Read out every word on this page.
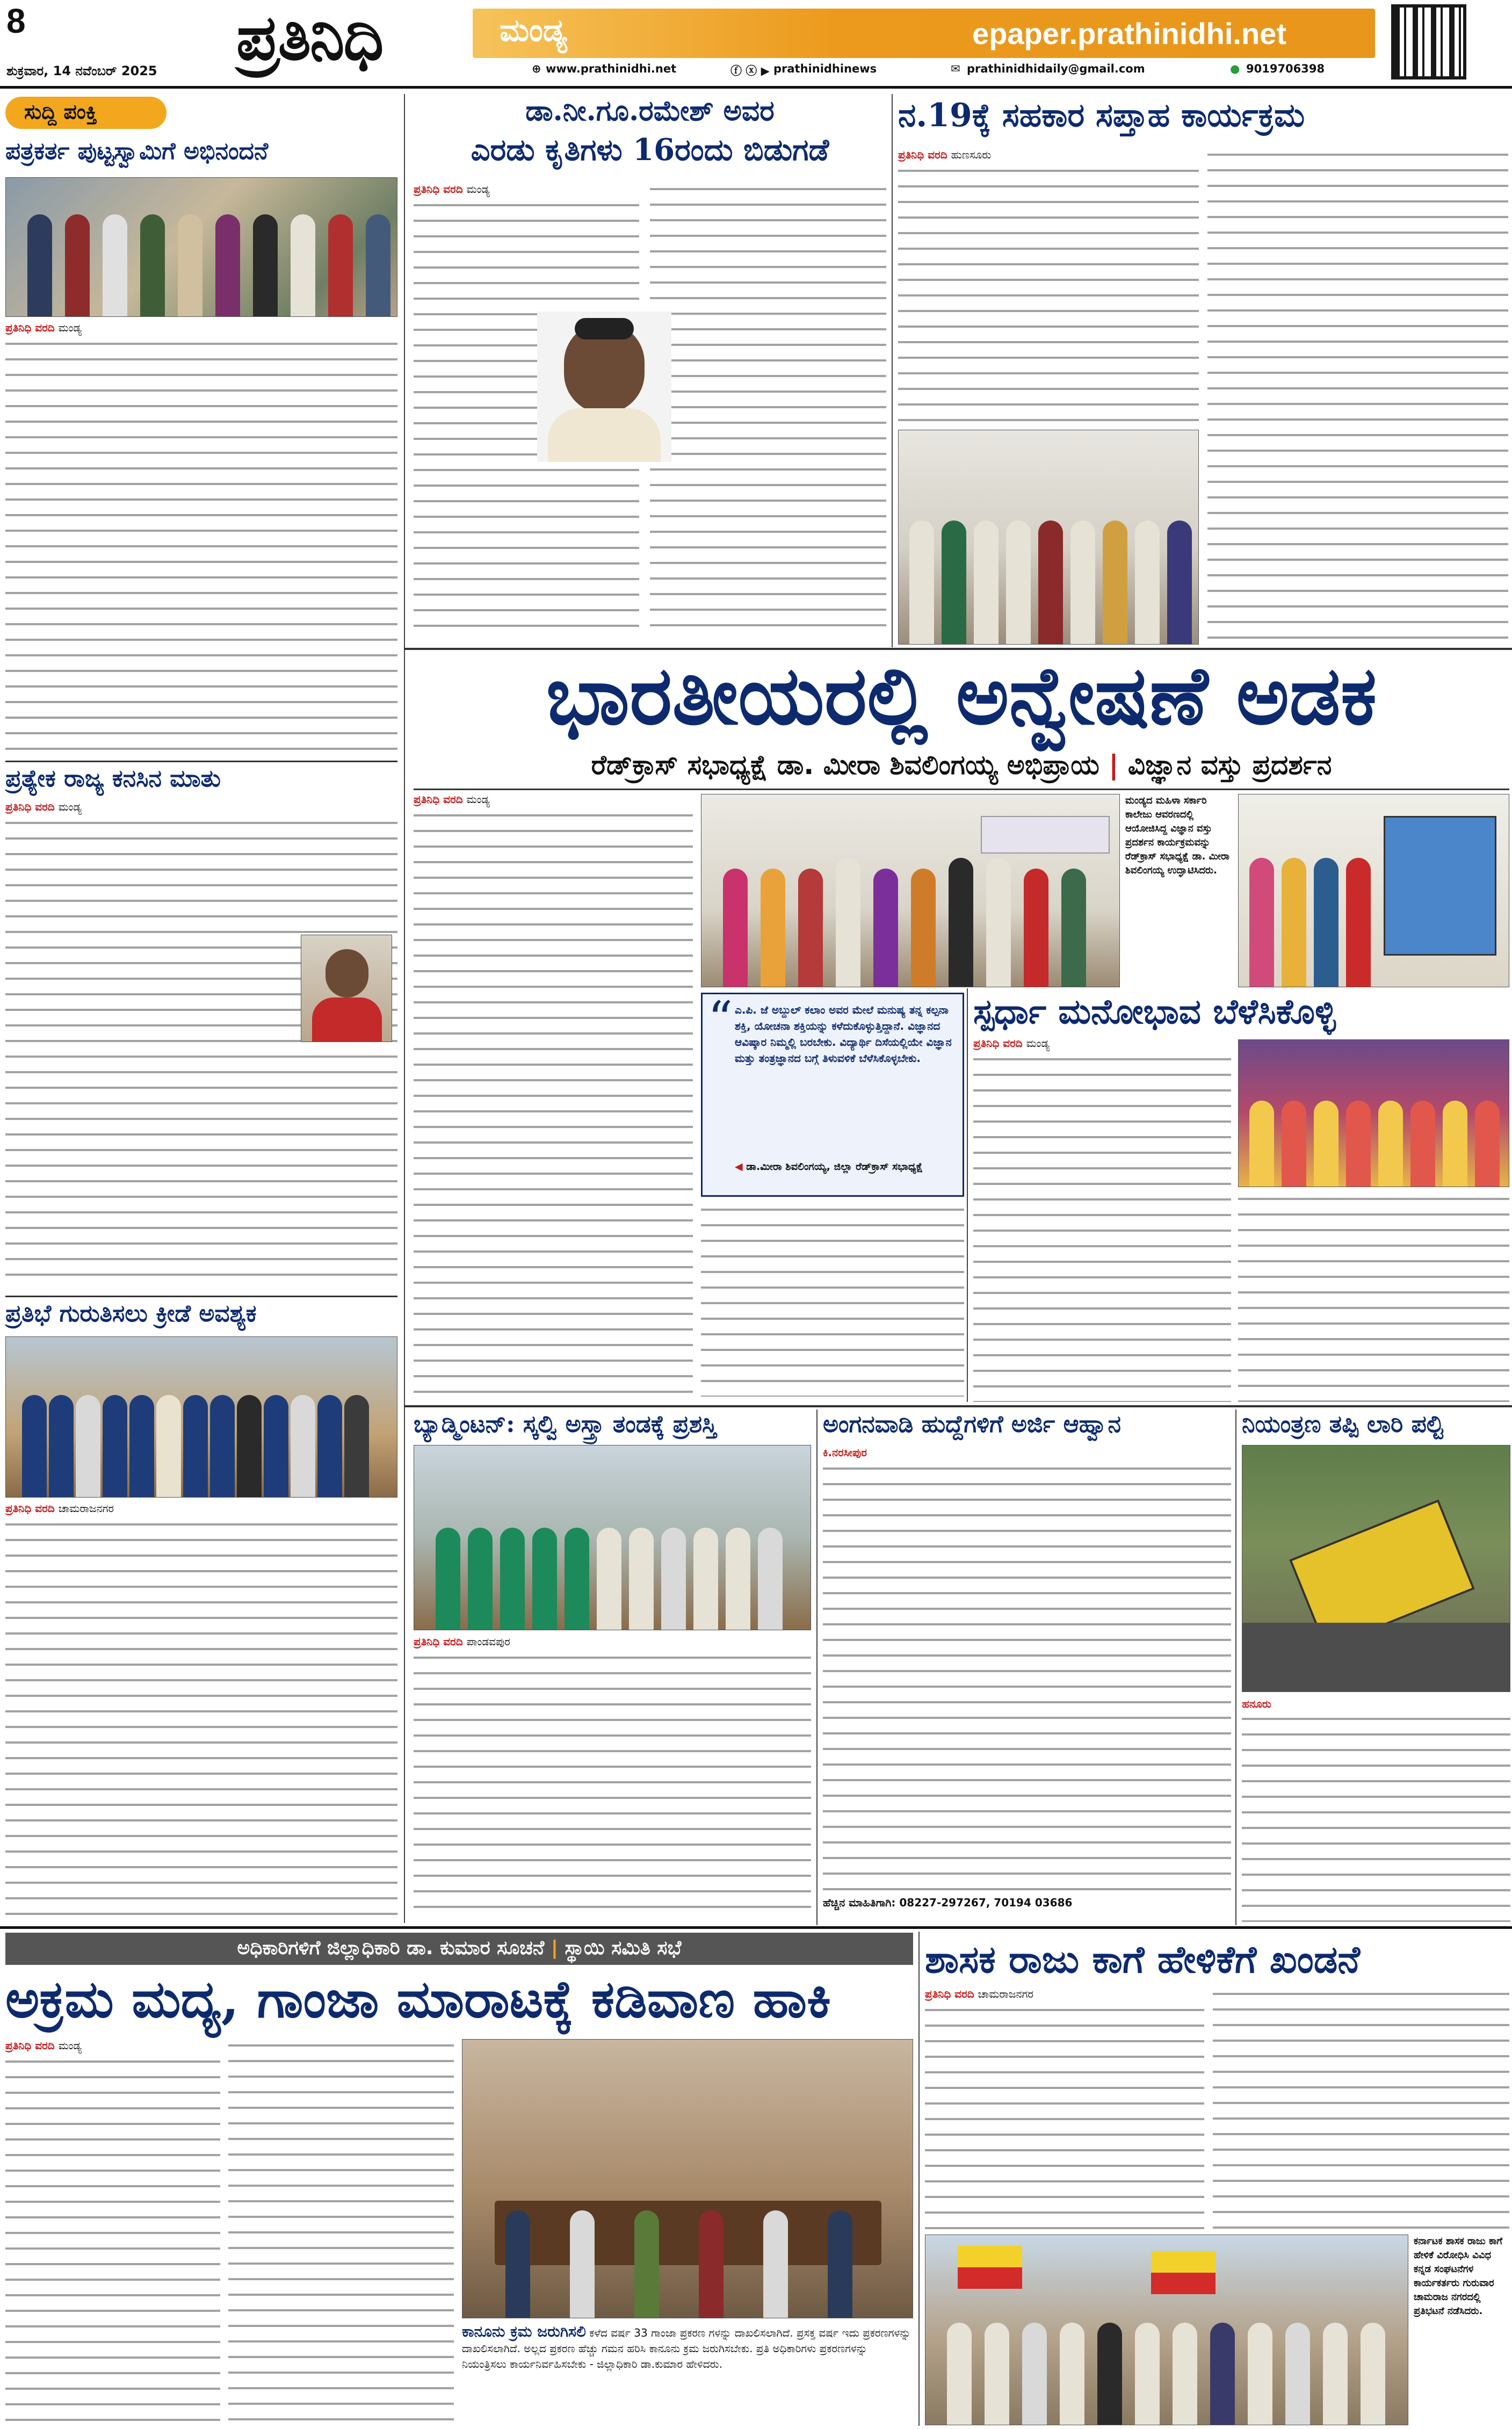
8
ಶುಕ್ರವಾರ, 14 ನವೆಂಬರ್ 2025 ಪ್ರತಿನಿಧಿ	ಮಂಡ್ಯ	epaper.prathinidhi.net
⊕ www.prathinidhi.net	ⓕ ⓧ ▶ prathinidhinews	✉ prathinidhidaily@gmail.com	● 9019706398
ಸುದ್ದಿ ಪಂಕ್ತಿ
ಪತ್ರಕರ್ತ ಪುಟ್ಟಸ್ವಾಮಿಗೆ ಅಭಿನಂದನೆ
ಪ್ರತಿನಿಧಿ ವರದಿ ಮಂಡ್ಯ
ಪ್ರತ್ಯೇಕ ರಾಜ್ಯ ಕನಸಿನ ಮಾತು
ಪ್ರತಿನಿಧಿ ವರದಿ ಮಂಡ್ಯ
ಪ್ರತಿಭೆ ಗುರುತಿಸಲು ಕ್ರೀಡೆ ಅವಶ್ಯಕ
ಪ್ರತಿನಿಧಿ ವರದಿ ಚಾಮರಾಜನಗರ
ಡಾ.ನೀ.ಗೂ.ರಮೇಶ್ ಅವರ
ಎರಡು ಕೃತಿಗಳು 16ರಂದು ಬಿಡುಗಡೆ
ಪ್ರತಿನಿಧಿ ವರದಿ ಮಂಡ್ಯ
ನ.19ಕ್ಕೆ ಸಹಕಾರ ಸಪ್ತಾಹ ಕಾರ್ಯಕ್ರಮ
ಪ್ರತಿನಿಧಿ ವರದಿ ಹುಣಸೂರು
ಭಾರತೀಯರಲ್ಲಿ ಅನ್ವೇಷಣೆ ಅಡಕ
ರೆಡ್‌ಕ್ರಾಸ್ ಸಭಾಧ್ಯಕ್ಷೆ ಡಾ. ಮೀರಾ ಶಿವಲಿಂಗಯ್ಯ ಅಭಿಪ್ರಾಯ | ವಿಜ್ಞಾನ ವಸ್ತು ಪ್ರದರ್ಶನ
ಪ್ರತಿನಿಧಿ ವರದಿ ಮಂಡ್ಯ	ಮಂಡ್ಯದ ಮಹಿಳಾ ಸರ್ಕಾರಿ ಕಾಲೇಜು ಆವರಣದಲ್ಲಿ ಆಯೋಜಿಸಿದ್ದ ವಿಜ್ಞಾನ ವಸ್ತು ಪ್ರದರ್ಶನ ಕಾರ್ಯಕ್ರಮವನ್ನು ರೆಡ್‌ಕ್ರಾಸ್ ಸಭಾಧ್ಯಕ್ಷೆ ಡಾ. ಮೀರಾ ಶಿವಲಿಂಗಯ್ಯ ಉದ್ಘಾಟಿಸಿದರು.
“ ಎ.ಪಿ. ಜೆ ಅಬ್ದುಲ್ ಕಲಾಂ ಅವರ ಮೇಲೆ ಮನುಷ್ಯ ತನ್ನ ಕಲ್ಪನಾ ಶಕ್ತಿ, ಯೋಚನಾ ಶಕ್ತಿಯನ್ನು ಕಳೆದುಕೊಳ್ಳುತ್ತಿದ್ದಾನೆ. ವಿಜ್ಞಾನದ ಆವಿಷ್ಕಾರ ನಿಮ್ಮಲ್ಲಿ ಬರಬೇಕು. ವಿದ್ಯಾರ್ಥಿ ದಿಸೆಯಲ್ಲಿಯೇ ವಿಜ್ಞಾನ ಮತ್ತು ತಂತ್ರಜ್ಞಾನದ ಬಗ್ಗೆ ತಿಳುವಳಿಕೆ ಬೆಳೆಸಿಕೊಳ್ಳಬೇಕು.
◀ ಡಾ.ಮೀರಾ ಶಿವಲಿಂಗಯ್ಯ, ಜಿಲ್ಲಾ ರೆಡ್‌ಕ್ರಾಸ್ ಸಭಾಧ್ಯಕ್ಷೆ
ಸ್ಪರ್ಧಾ ಮನೋಭಾವ ಬೆಳೆಸಿಕೊಳ್ಳಿ
ಪ್ರತಿನಿಧಿ ವರದಿ ಮಂಡ್ಯ
ಬ್ಯಾಡ್ಮಿಂಟನ್: ಸ್ಕಲ್ವಿ ಅಸ್ತ್ರಾ ತಂಡಕ್ಕೆ ಪ್ರಶಸ್ತಿ
ಪ್ರತಿನಿಧಿ ವರದಿ ಪಾಂಡವಪುರ
ಅಂಗನವಾಡಿ ಹುದ್ದೆಗಳಿಗೆ ಅರ್ಜಿ ಆಹ್ವಾನ
ಕಿ.ನರಸೀಪುರ
ಹೆಚ್ಚಿನ ಮಾಹಿತಿಗಾಗಿ: 08227-297267, 70194 03686
ನಿಯಂತ್ರಣ ತಪ್ಪಿ ಲಾರಿ ಪಲ್ಟಿ
ಹನೂರು
ಅಧಿಕಾರಿಗಳಿಗೆ ಜಿಲ್ಲಾಧಿಕಾರಿ ಡಾ. ಕುಮಾರ ಸೂಚನೆ | ಸ್ಥಾಯಿ ಸಮಿತಿ ಸಭೆ
ಅಕ್ರಮ ಮದ್ಯ, ಗಾಂಜಾ ಮಾರಾಟಕ್ಕೆ ಕಡಿವಾಣ ಹಾಕಿ
ಪ್ರತಿನಿಧಿ ವರದಿ ಮಂಡ್ಯ
ಕಾನೂನು ಕ್ರಮ ಜರುಗಿಸಲಿ ಕಳೆದ ವರ್ಷ 33 ಗಾಂಜಾ ಪ್ರಕರಣ ಗಳನ್ನು ದಾಖಲಿಸಲಾಗಿದೆ. ಪ್ರಸಕ್ತ ವರ್ಷ ಇದು ಪ್ರಕರಣಗಳನ್ನು ದಾಖಲಿಸಲಾಗಿದೆ. ಅಲ್ಲದ ಪ್ರಕರಣ ಹೆಚ್ಚು ಗಮನ ಹರಿಸಿ ಕಾನೂನು ಕ್ರಮ ಜರುಗಿಸಬೇಕು. ಪ್ರತಿ ಅಧಿಕಾರಿಗಳು ಪ್ರಕರಣಗಳನ್ನು ನಿಯಂತ್ರಿಸಲು ಕಾರ್ಯನಿರ್ವಹಿಸಬೇಕು - ಜಿಲ್ಲಾಧಿಕಾರಿ ಡಾ.ಕುಮಾರ ಹೇಳಿದರು.
ಶಾಸಕ ರಾಜು ಕಾಗೆ ಹೇಳಿಕೆಗೆ ಖಂಡನೆ
ಪ್ರತಿನಿಧಿ ವರದಿ ಚಾಮರಾಜನಗರ
ಕರ್ನಾಟಕ ಶಾಸಕ ರಾಜು ಕಾಗೆ ಹೇಳಿಕೆ ವಿರೋಧಿಸಿ ವಿವಿಧ ಕನ್ನಡ ಸಂಘಟನೆಗಳ ಕಾರ್ಯಕರ್ತರು ಗುರುವಾರ ಚಾಮರಾಜ ನಗರದಲ್ಲಿ ಪ್ರತಿಭಟನೆ ನಡೆಸಿದರು.
